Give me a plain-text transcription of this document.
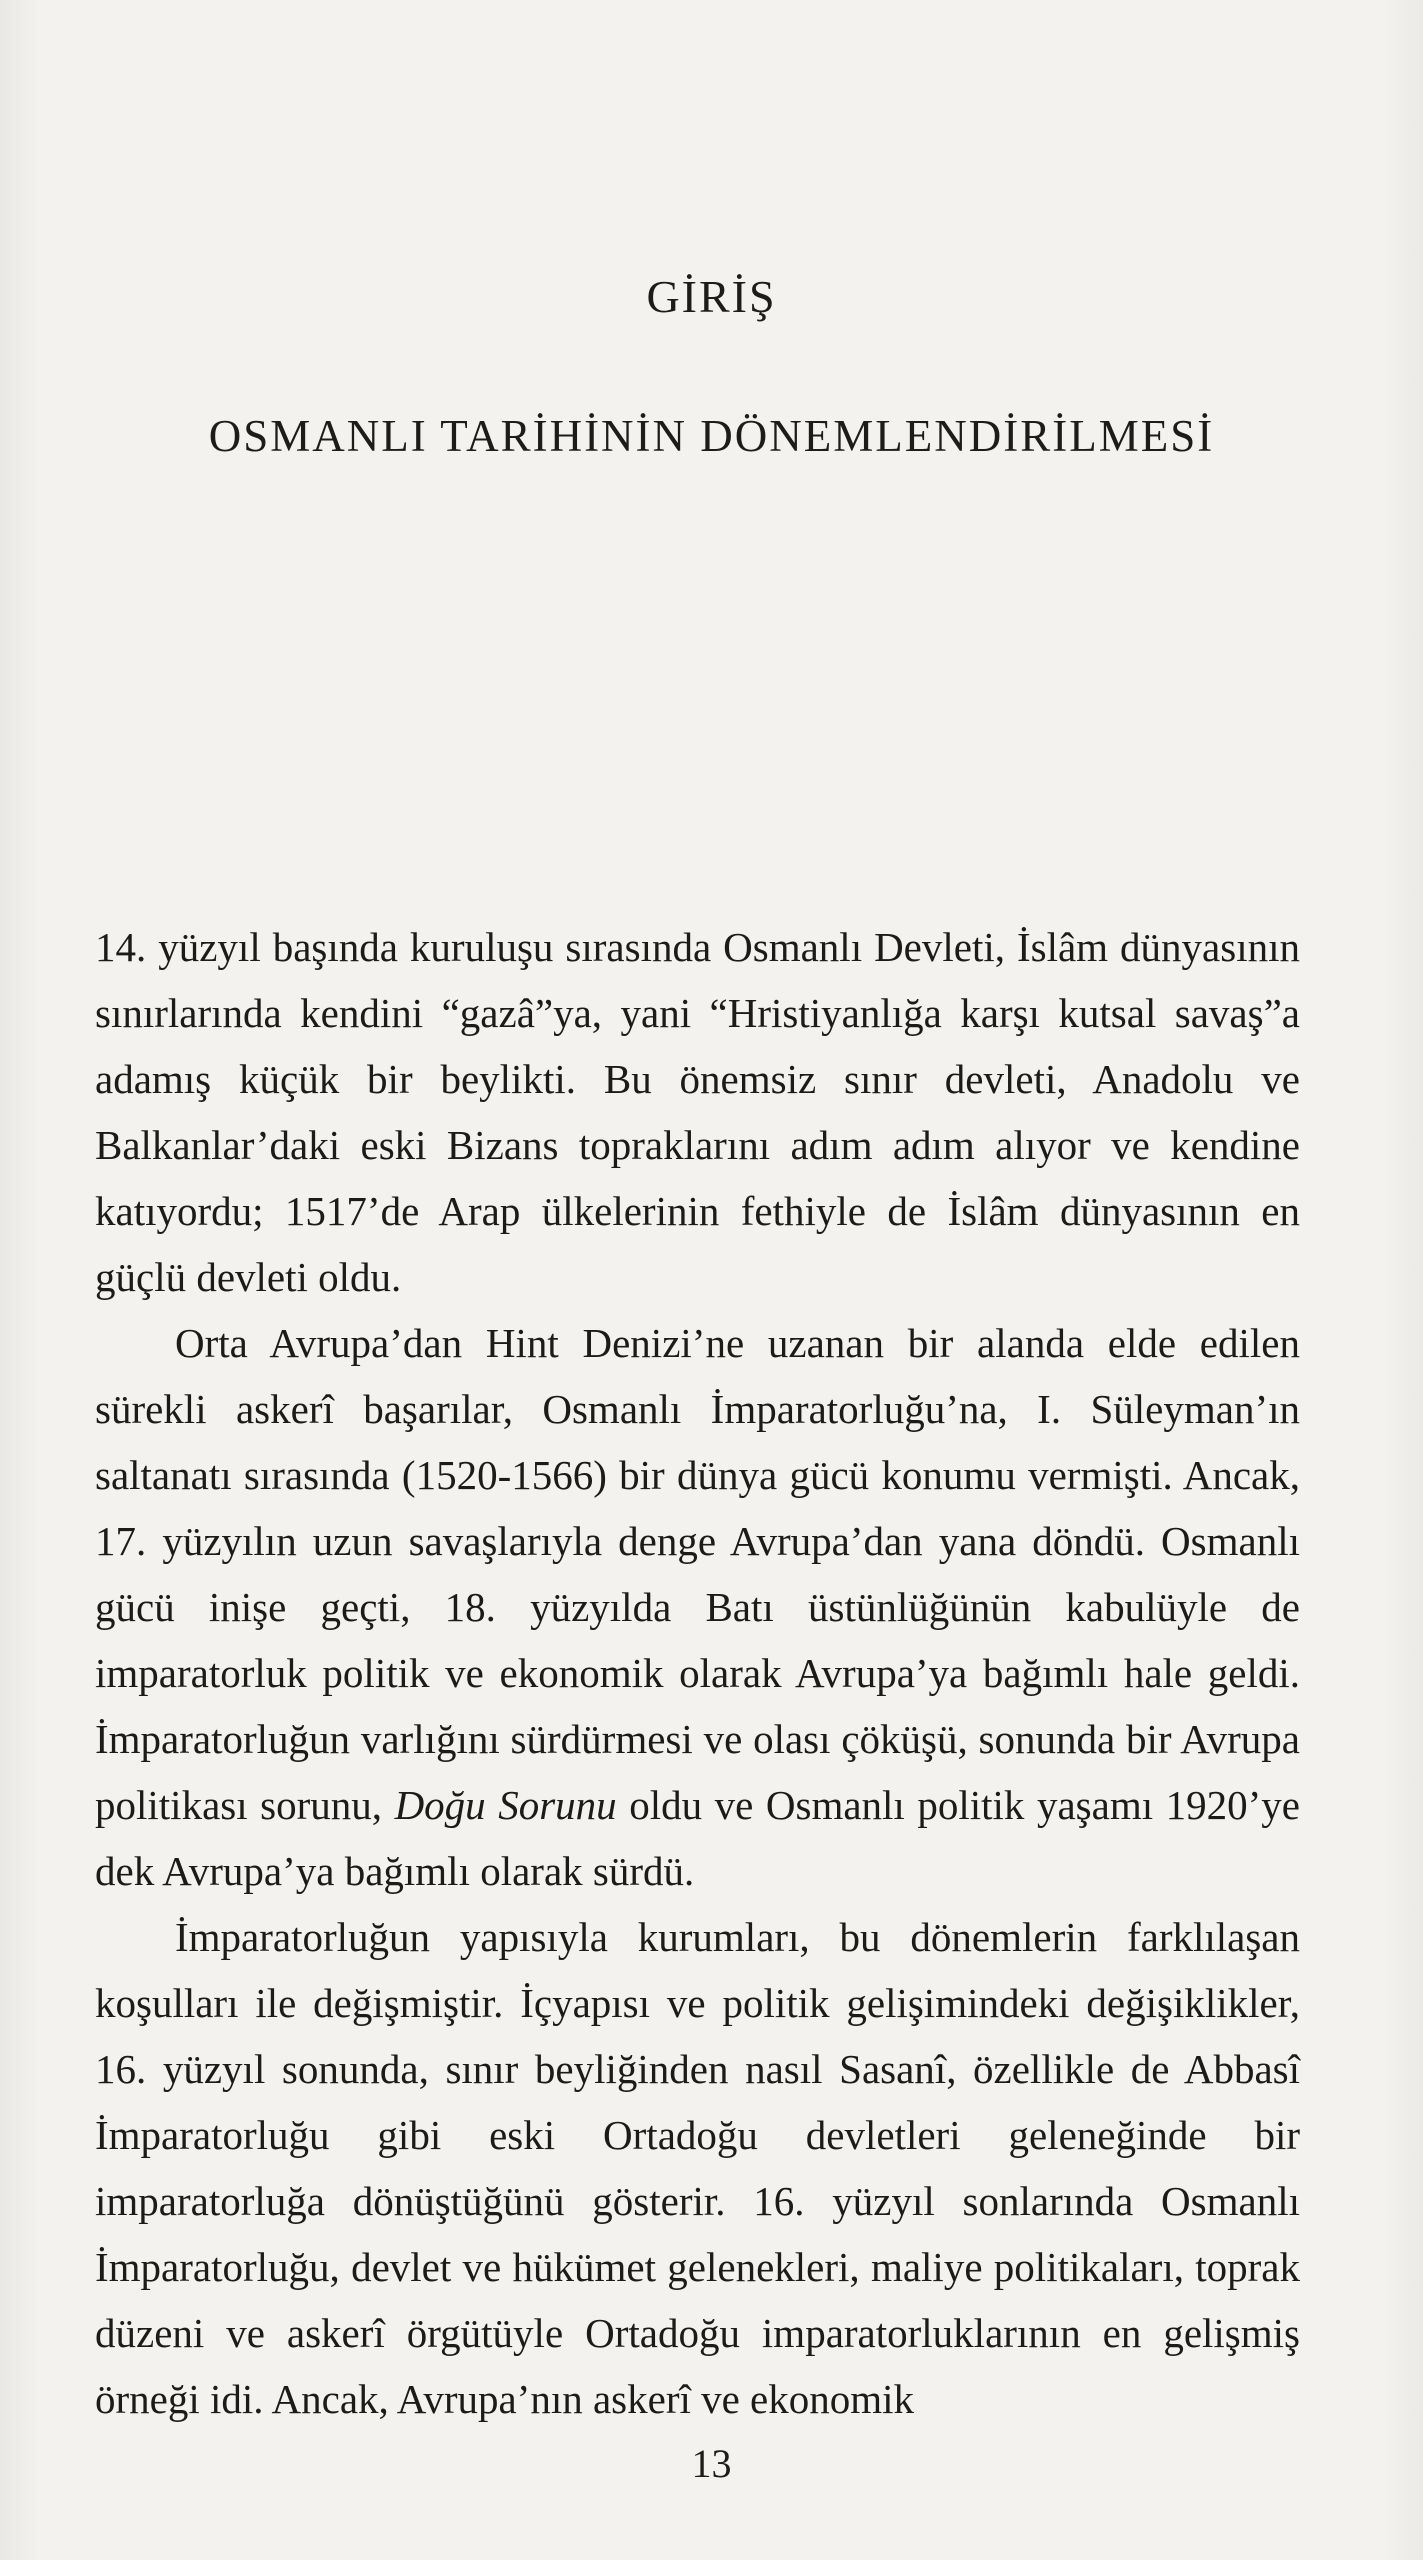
GİRİŞ
OSMANLI TARİHİNİN DÖNEMLENDİRİLMESİ

14. yüzyıl başında kuruluşu sırasında Osmanlı Devleti, İslâm dünyasının sınırlarında kendini “gazâ”ya, yani “Hristiyanlığa karşı kutsal savaş”a adamış küçük bir beylikti. Bu önemsiz sınır devleti, Anadolu ve Balkanlar’daki eski Bizans topraklarını adım adım alıyor ve kendine katıyordu; 1517’de Arap ülkelerinin fethiyle de İslâm dünyasının en güçlü devleti oldu.

Orta Avrupa’dan Hint Denizi’ne uzanan bir alanda elde edilen sürekli askerî başarılar, Osmanlı İmparatorluğu’na, I. Süleyman’ın saltanatı sırasında (1520-1566) bir dünya gücü konumu vermişti. Ancak, 17. yüzyılın uzun savaşlarıyla denge Avrupa’dan yana döndü. Osmanlı gücü inişe geçti, 18. yüzyılda Batı üstünlüğünün kabulüyle de imparatorluk politik ve ekonomik olarak Avrupa’ya bağımlı hale geldi. İmparatorluğun varlığını sürdürmesi ve olası çöküşü, sonunda bir Avrupa politikası sorunu, Doğu Sorunu oldu ve Osmanlı politik yaşamı 1920’ye dek Avrupa’ya bağımlı olarak sürdü.

İmparatorluğun yapısıyla kurumları, bu dönemlerin farklılaşan koşulları ile değişmiştir. İçyapısı ve politik gelişimindeki değişiklikler, 16. yüzyıl sonunda, sınır beyliğinden nasıl Sasanî, özellikle de Abbasî İmparatorluğu gibi eski Ortadoğu devletleri geleneğinde bir imparatorluğa dönüştüğünü gösterir. 16. yüzyıl sonlarında Osmanlı İmparatorluğu, devlet ve hükümet gelenekleri, maliye politikaları, toprak düzeni ve askerî örgütüyle Ortadoğu imparatorluklarının en gelişmiş örneği idi. Ancak, Avrupa’nın askerî ve ekonomik

13
